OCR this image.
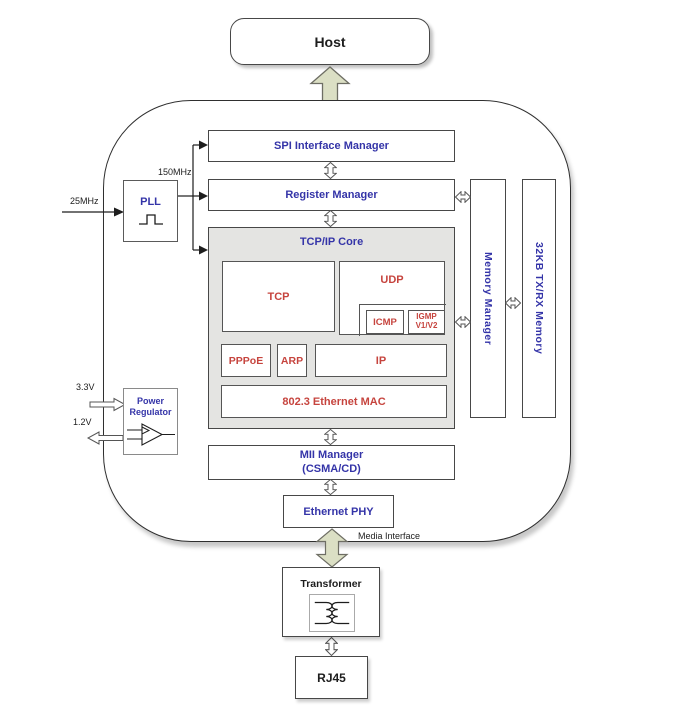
Host
150MHz
25MHz
3.3V
1.2V
PLL
Power Regulator
SPI Interface Manager
Register Manager
TCP/IP Core
TCP
UDP
ICMP IGMP
V1/V2
PPPoE ARP	IP
802.3 Ethernet MAC
MII Manager
(CSMA/CD)
Ethernet PHY
Memory Manager	32KB TX/RX Memory
Media Interface
Transformer
RJ45
